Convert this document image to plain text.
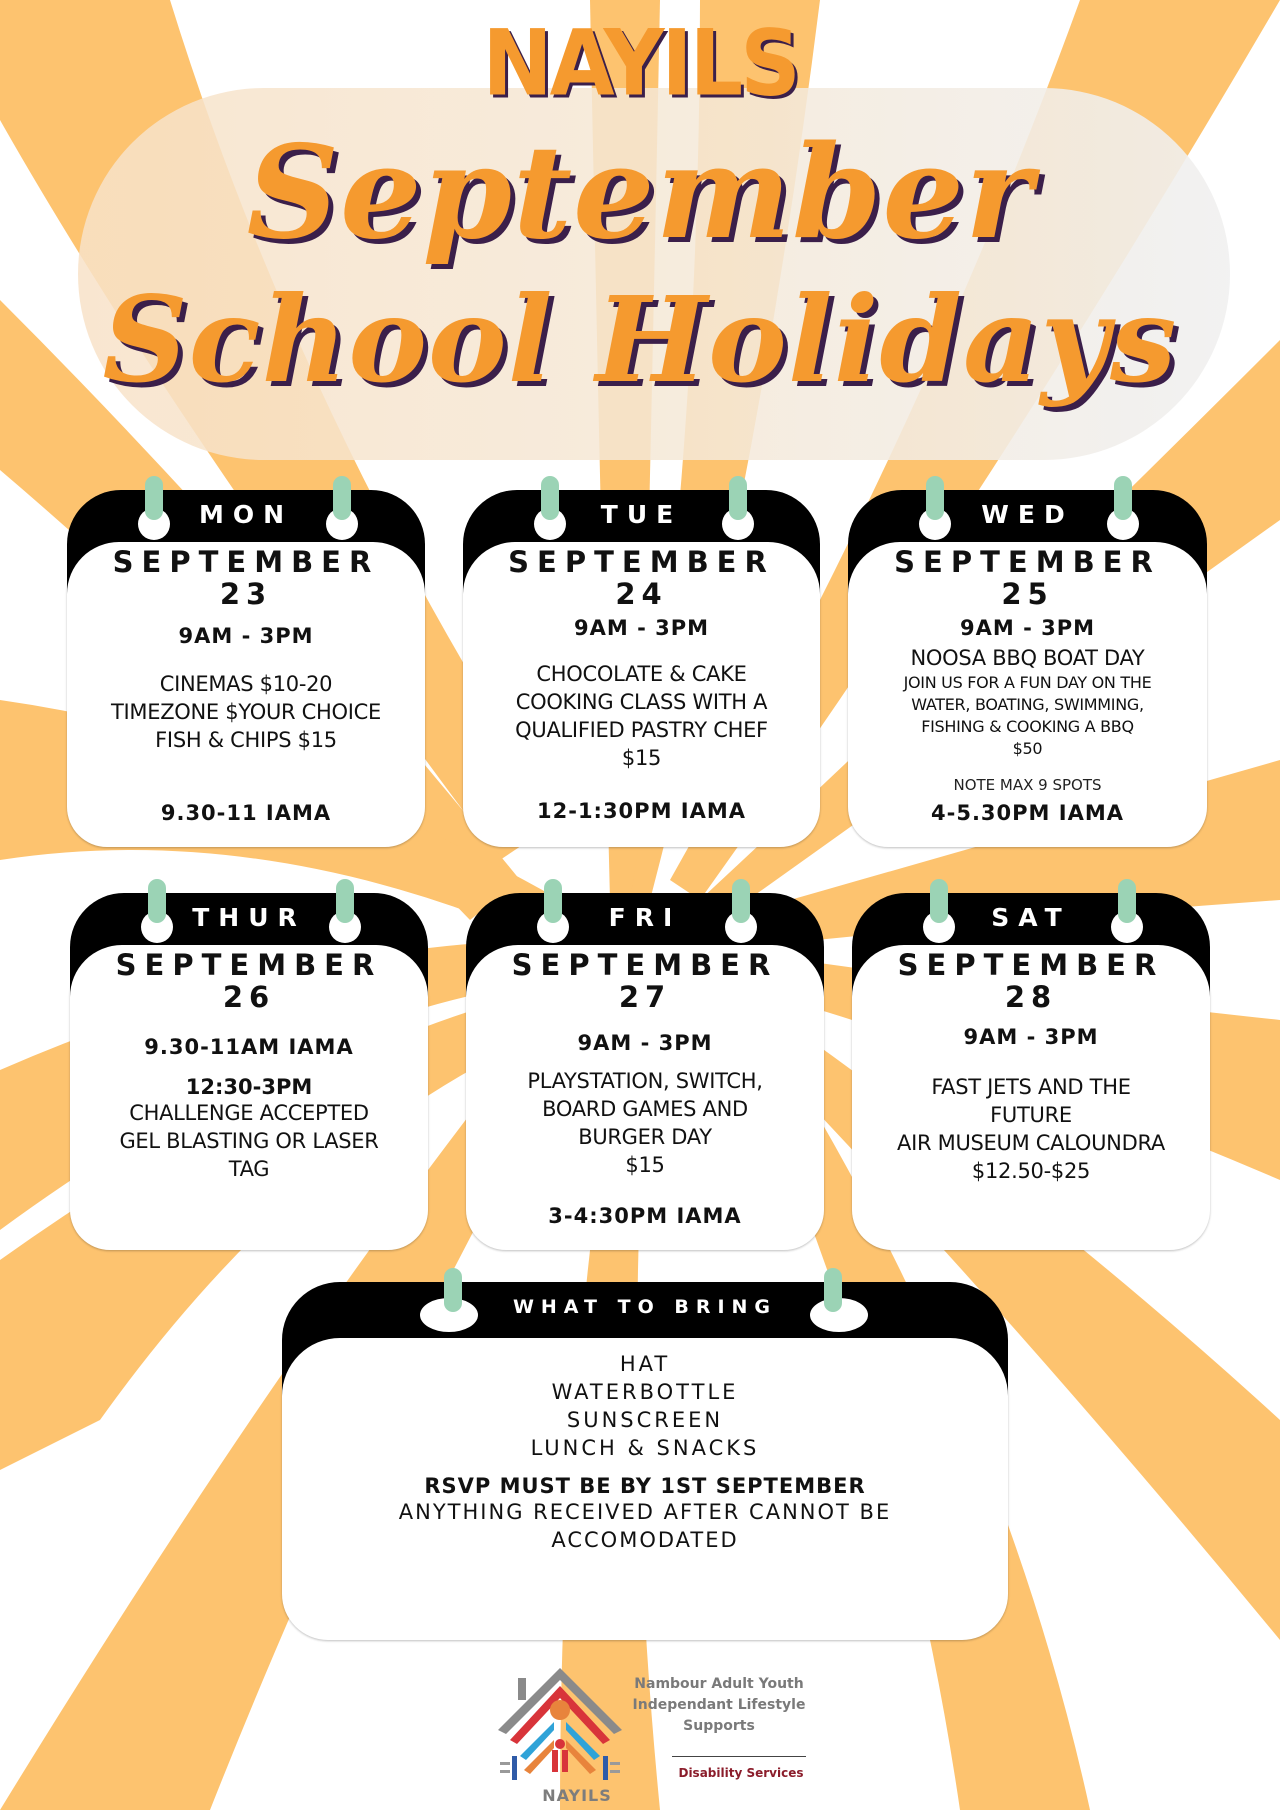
NAYILS
September
School Holidays
MON
SEPTEMBER
23
9AM - 3PM
CINEMAS $10-20
TIMEZONE $YOUR CHOICE
FISH & CHIPS $15
9.30-11 IAMA
TUE
SEPTEMBER
24
9AM - 3PM
CHOCOLATE & CAKE
COOKING CLASS WITH A
QUALIFIED PASTRY CHEF
$15
12-1:30PM IAMA
WED
SEPTEMBER
25
9AM - 3PM
NOOSA BBQ BOAT DAY
JOIN US FOR A FUN DAY ON THE
WATER, BOATING, SWIMMING,
FISHING & COOKING A BBQ
$50
NOTE MAX 9 SPOTS
4-5.30PM IAMA
THUR
SEPTEMBER
26
9.30-11AM IAMA
12:30-3PM
CHALLENGE ACCEPTED
GEL BLASTING OR LASER
TAG
FRI
SEPTEMBER
27
9AM - 3PM
PLAYSTATION, SWITCH,
BOARD GAMES AND
BURGER DAY
$15
3-4:30PM IAMA
SAT
SEPTEMBER
28
9AM - 3PM
FAST JETS AND THE
FUTURE
AIR MUSEUM CALOUNDRA
$12.50-$25
WHAT TO BRING
HAT
WATERBOTTLE
SUNSCREEN
LUNCH & SNACKS
RSVP MUST BE BY 1ST SEPTEMBER
ANYTHING RECEIVED AFTER CANNOT BE
ACCOMODATED
Nambour Adult Youth
Independant Lifestyle
Supports
Disability Services
NAYILS
